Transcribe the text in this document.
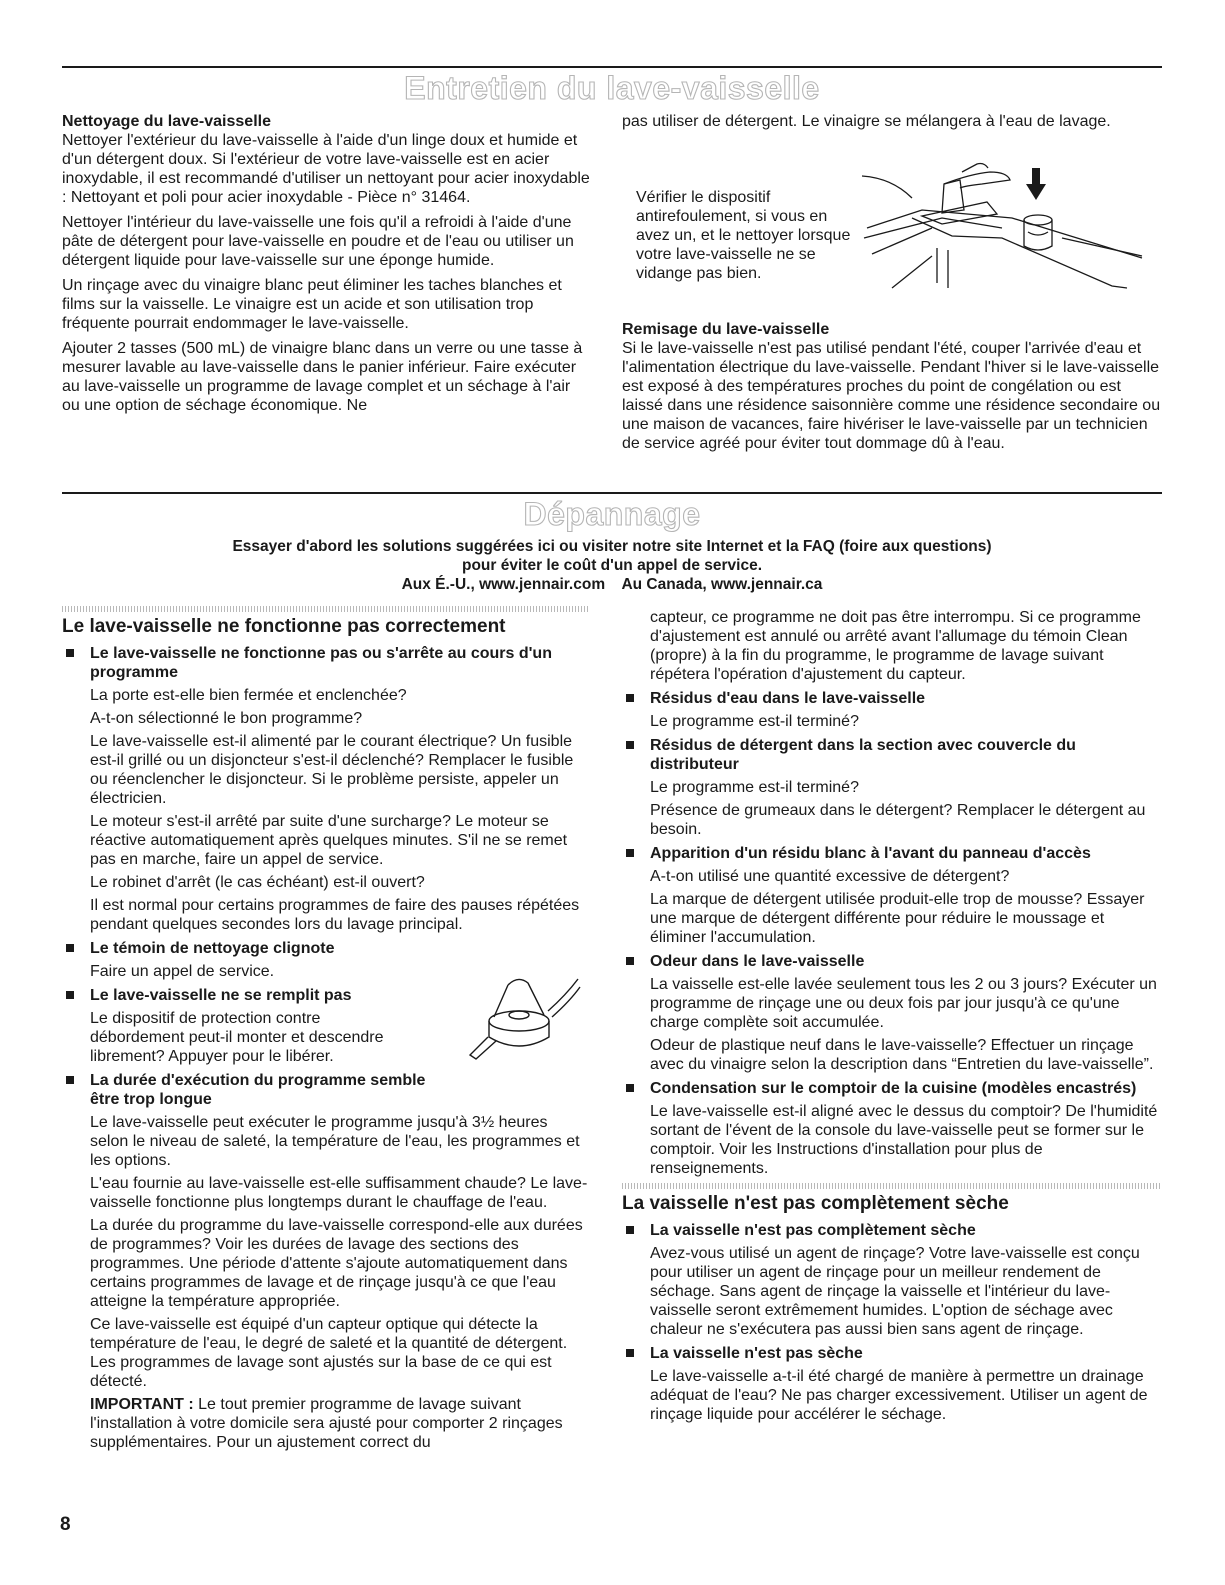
Entretien du lave-vaisselle
Nettoyage du lave-vaisselle

Nettoyer l'extérieur du lave-vaisselle à l'aide d'un linge doux et humide et d'un détergent doux. Si l'extérieur de votre lave-vaisselle est en acier inoxydable, il est recommandé d'utiliser un nettoyant pour acier inoxydable : Nettoyant et poli pour acier inoxydable - Pièce n° 31464.

Nettoyer l'intérieur du lave-vaisselle une fois qu'il a refroidi à l'aide d'une pâte de détergent pour lave-vaisselle en poudre et de l'eau ou utiliser un détergent liquide pour lave-vaisselle sur une éponge humide.

Un rinçage avec du vinaigre blanc peut éliminer les taches blanches et films sur la vaisselle. Le vinaigre est un acide et son utilisation trop fréquente pourrait endommager le lave-vaisselle.

Ajouter 2 tasses (500 mL) de vinaigre blanc dans un verre ou une tasse à mesurer lavable au lave-vaisselle dans le panier inférieur. Faire exécuter au lave-vaisselle un programme de lavage complet et un séchage à l'air ou une option de séchage économique. Ne

pas utiliser de détergent. Le vinaigre se mélangera à l'eau de lavage.

Vérifier le dispositif antirefoulement, si vous en avez un, et le nettoyer lorsque votre lave-vaisselle ne se vidange pas bien.
Remisage du lave-vaisselle

Si le lave-vaisselle n'est pas utilisé pendant l'été, couper l'arrivée d'eau et l'alimentation électrique du lave-vaisselle. Pendant l'hiver si le lave-vaisselle est exposé à des températures proches du point de congélation ou est laissé dans une résidence saisonnière comme une résidence secondaire ou une maison de vacances, faire hivériser le lave-vaisselle par un technicien de service agréé pour éviter tout dommage dû à l'eau.

Dépannage
Essayer d'abord les solutions suggérées ici ou visiter notre site Internet et la FAQ (foire aux questions)
pour éviter le coût d'un appel de service.
Aux É.-U., www.jennair.com Au Canada, www.jennair.ca
Le lave-vaisselle ne fonctionne pas correctement
Le lave-vaisselle ne fonctionne pas ou s'arrête au cours d'un programme

La porte est-elle bien fermée et enclenchée?

A-t-on sélectionné le bon programme?

Le lave-vaisselle est-il alimenté par le courant électrique? Un fusible est-il grillé ou un disjoncteur s'est-il déclenché? Remplacer le fusible ou réenclencher le disjoncteur. Si le problème persiste, appeler un électricien.

Le moteur s'est-il arrêté par suite d'une surcharge? Le moteur se réactive automatiquement après quelques minutes. S'il ne se remet pas en marche, faire un appel de service.

Le robinet d'arrêt (le cas échéant) est-il ouvert?

Il est normal pour certains programmes de faire des pauses répétées pendant quelques secondes lors du lavage principal.

Le témoin de nettoyage clignote

Faire un appel de service.

Le lave-vaisselle ne se remplit pas

Le dispositif de protection contre débordement peut-il monter et descendre librement? Appuyer pour le libérer.

La durée d'exécution du programme semble être trop longue

Le lave-vaisselle peut exécuter le programme jusqu'à 3½ heures selon le niveau de saleté, la température de l'eau, les programmes et les options.

L'eau fournie au lave-vaisselle est-elle suffisamment chaude? Le lave-vaisselle fonctionne plus longtemps durant le chauffage de l'eau.

La durée du programme du lave-vaisselle correspond-elle aux durées de programmes? Voir les durées de lavage des sections des programmes. Une période d'attente s'ajoute automatiquement dans certains programmes de lavage et de rinçage jusqu'à ce que l'eau atteigne la température appropriée.

Ce lave-vaisselle est équipé d'un capteur optique qui détecte la température de l'eau, le degré de saleté et la quantité de détergent. Les programmes de lavage sont ajustés sur la base de ce qui est détecté.

IMPORTANT : Le tout premier programme de lavage suivant l'installation à votre domicile sera ajusté pour comporter 2 rinçages supplémentaires. Pour un ajustement correct du

capteur, ce programme ne doit pas être interrompu. Si ce programme d'ajustement est annulé ou arrêté avant l'allumage du témoin Clean (propre) à la fin du programme, le programme de lavage suivant répétera l'opération d'ajustement du capteur.

Résidus d'eau dans le lave-vaisselle

Le programme est-il terminé?

Résidus de détergent dans la section avec couvercle du distributeur

Le programme est-il terminé?

Présence de grumeaux dans le détergent? Remplacer le détergent au besoin.

Apparition d'un résidu blanc à l'avant du panneau d'accès

A-t-on utilisé une quantité excessive de détergent?

La marque de détergent utilisée produit-elle trop de mousse? Essayer une marque de détergent différente pour réduire le moussage et éliminer l'accumulation.

Odeur dans le lave-vaisselle

La vaisselle est-elle lavée seulement tous les 2 ou 3 jours? Exécuter un programme de rinçage une ou deux fois par jour jusqu'à ce qu'une charge complète soit accumulée.

Odeur de plastique neuf dans le lave-vaisselle? Effectuer un rinçage avec du vinaigre selon la description dans “Entretien du lave-vaisselle”.

Condensation sur le comptoir de la cuisine (modèles encastrés)

Le lave-vaisselle est-il aligné avec le dessus du comptoir? De l'humidité sortant de l'évent de la console du lave-vaisselle peut se former sur le comptoir. Voir les Instructions d'installation pour plus de renseignements.

La vaisselle n'est pas complètement sèche
La vaisselle n'est pas complètement sèche

Avez-vous utilisé un agent de rinçage? Votre lave-vaisselle est conçu pour utiliser un agent de rinçage pour un meilleur rendement de séchage. Sans agent de rinçage la vaisselle et l'intérieur du lave-vaisselle seront extrêmement humides. L'option de séchage avec chaleur ne s'exécutera pas aussi bien sans agent de rinçage.

La vaisselle n'est pas sèche

Le lave-vaisselle a-t-il été chargé de manière à permettre un drainage adéquat de l'eau? Ne pas charger excessivement. Utiliser un agent de rinçage liquide pour accélérer le séchage.

8
